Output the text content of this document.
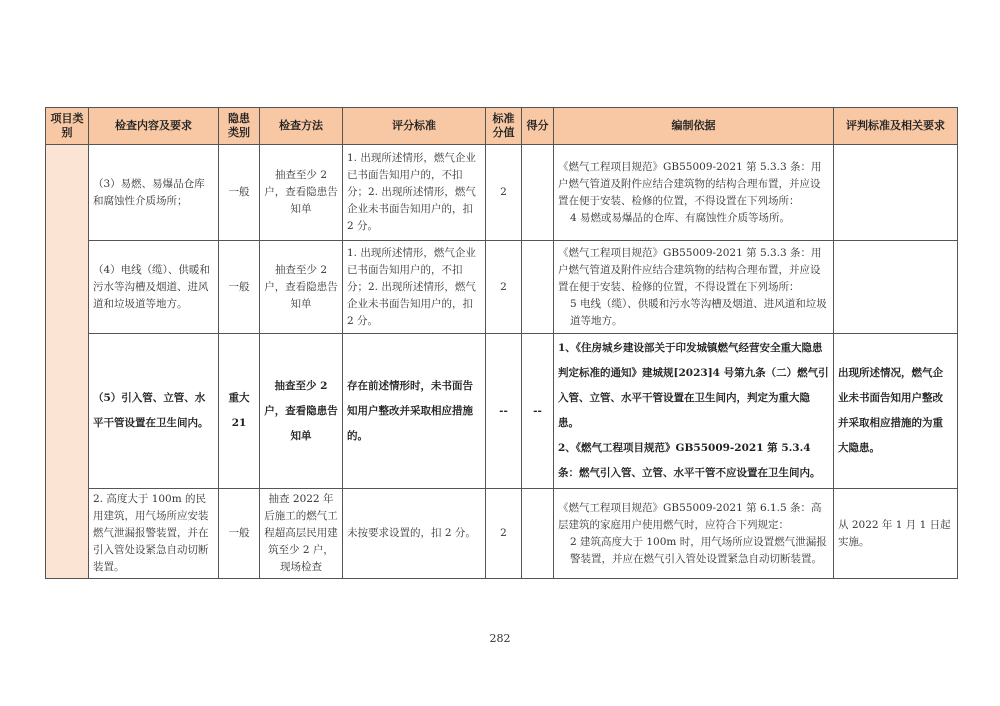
项目类别	检查内容及要求	隐患类别	检查方法	评分标准	标准分值	得分	编制依据	评判标准及相关要求
	（3）易燃、易爆品仓库和腐蚀性介质场所；	一般	抽查至少 2 户，查看隐患告知单	1. 出现所述情形，燃气企业已书面告知用户的，不扣分；2. 出现所述情形，燃气企业未书面告知用户的，扣 2 分。	2		《燃气工程项目规范》GB55009-2021 第 5.3.3 条：用户燃气管道及附件应结合建筑物的结构合理布置，并应设置在便于安装、检修的位置，不得设置在下列场所：

4 易燃或易爆品的仓库、有腐蚀性介质等场所。	

	（4）电线（缆）、供暖和污水等沟槽及烟道、进风道和垃圾道等地方。	一般	抽查至少 2 户，查看隐患告知单	1. 出现所述情形，燃气企业已书面告知用户的，不扣分；2. 出现所述情形，燃气企业未书面告知用户的，扣 2 分。	2		《燃气工程项目规范》GB55009-2021 第 5.3.3 条：用户燃气管道及附件应结合建筑物的结构合理布置，并应设置在便于安装、检修的位置，不得设置在下列场所：

5 电线（缆）、供暖和污水等沟槽及烟道、进风道和垃圾道等地方。	

	（5）引入管、立管、水平干管设置在卫生间内。	重大 21	抽查至少 2 户，查看隐患告知单	存在前述情形时，未书面告知用户整改并采取相应措施的。	--	--	1、《住房城乡建设部关于印发城镇燃气经营安全重大隐患判定标准的通知》建城规[2023]4 号第九条（二）燃气引入管、立管、水平干管设置在卫生间内，判定为重大隐患。

2、《燃气工程项目规范》GB55009-2021 第 5.3.4 条：燃气引入管、立管、水平干管不应设置在卫生间内。	出现所述情况，燃气企业未书面告知用户整改并采取相应措施的为重大隐患。
	2. 高度大于 100m 的民用建筑，用气场所应安装燃气泄漏报警装置，并在引入管处设紧急自动切断装置。	一般	抽查 2022 年后施工的燃气工程超高层民用建筑至少 2 户，现场检查	未按要求设置的，扣 2 分。	2		《燃气工程项目规范》GB55009-2021 第 6.1.5 条：高层建筑的家庭用户使用燃气时，应符合下列规定：

2 建筑高度大于 100m 时，用气场所应设置燃气泄漏报警装置，并应在燃气引入管处设置紧急自动切断装置。	从 2022 年 1 月 1 日起实施。
282
